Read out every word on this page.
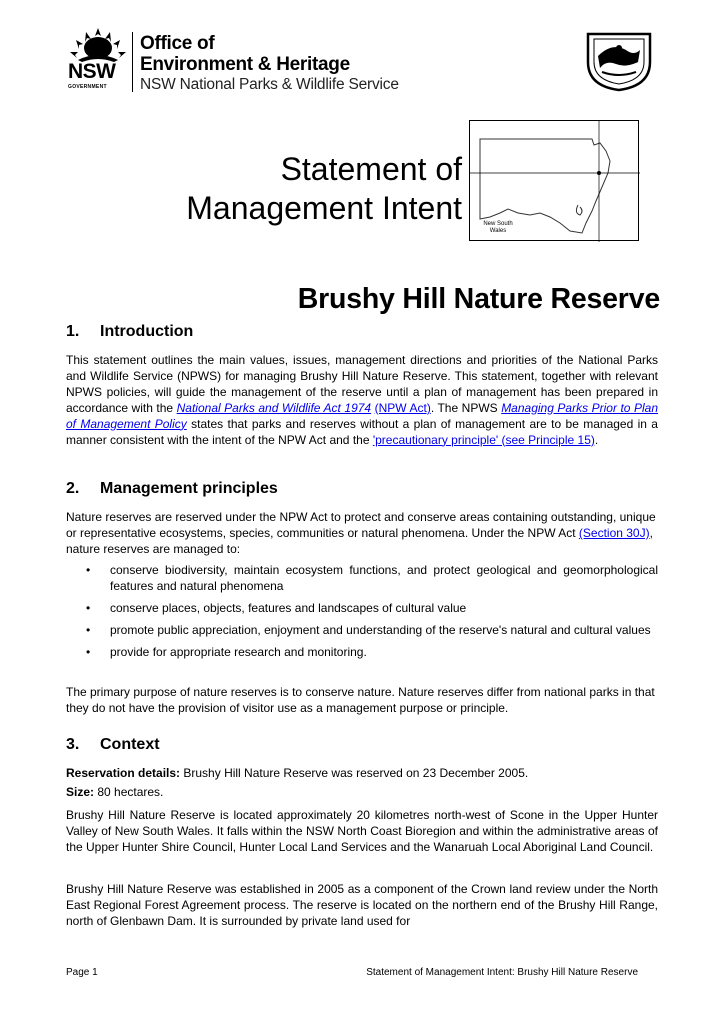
NSW
GOVERNMENT
Office of
Environment & Heritage
NSW National Parks & Wildlife Service
Statement of
Management Intent	New South Wales
Brushy Hill Nature Reserve
1. Introduction

This statement outlines the main values, issues, management directions and priorities of the National Parks and Wildlife Service (NPWS) for managing Brushy Hill Nature Reserve. This statement, together with relevant NPWS policies, will guide the management of the reserve until a plan of management has been prepared in accordance with the National Parks and Wildlife Act 1974 (NPW Act). The NPWS Managing Parks Prior to Plan of Management Policy states that parks and reserves without a plan of management are to be managed in a manner consistent with the intent of the NPW Act and the 'precautionary principle' (see Principle 15).

2. Management principles

Nature reserves are reserved under the NPW Act to protect and conserve areas containing outstanding, unique or representative ecosystems, species, communities or natural phenomena. Under the NPW Act (Section 30J), nature reserves are managed to:

• conserve biodiversity, maintain ecosystem functions, and protect geological and geomorphological features and natural phenomena
• conserve places, objects, features and landscapes of cultural value
• promote public appreciation, enjoyment and understanding of the reserve's natural and cultural values
• provide for appropriate research and monitoring.

The primary purpose of nature reserves is to conserve nature. Nature reserves differ from national parks in that they do not have the provision of visitor use as a management purpose or principle.

3. Context

Reservation details: Brushy Hill Nature Reserve was reserved on 23 December 2005.

Size: 80 hectares.

Brushy Hill Nature Reserve is located approximately 20 kilometres north-west of Scone in the Upper Hunter Valley of New South Wales. It falls within the NSW North Coast Bioregion and within the administrative areas of the Upper Hunter Shire Council, Hunter Local Land Services and the Wanaruah Local Aboriginal Land Council.

Brushy Hill Nature Reserve was established in 2005 as a component of the Crown land review under the North East Regional Forest Agreement process. The reserve is located on the northern end of the Brushy Hill Range, north of Glenbawn Dam. It is surrounded by private land used for

Page 1	Statement of Management Intent: Brushy Hill Nature Reserve
